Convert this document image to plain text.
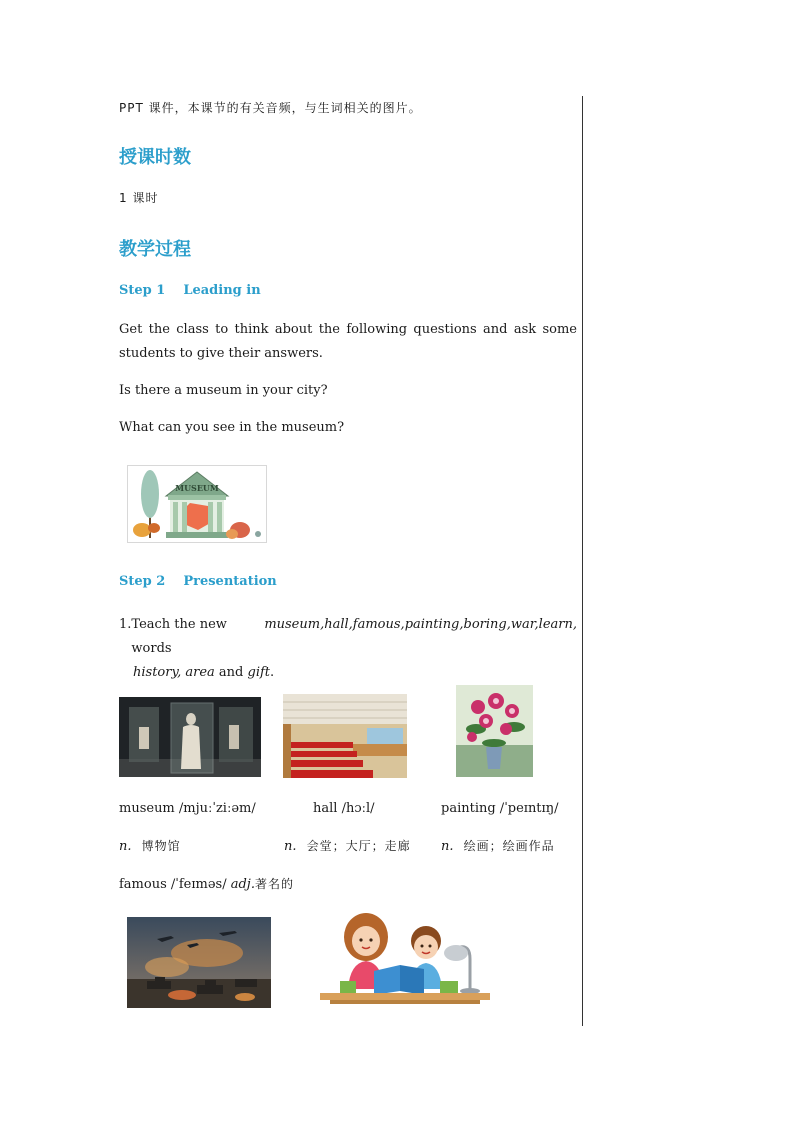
PPT 课件，本课节的有关音频，与生词相关的图片。
授课时数
1 课时
教学过程
Step 1 Leading in
Get the class to think about the following questions and ask some students to give their answers.
Is there a museum in your city?
What can you see in the museum?
MUSEUM
Step 2 Presentation
1. Teach the new words
museum, hall, famous, painting, boring, war, learn,
history, area and gift.
museum /mjuːˈziːəm/	hall /hɔːl/	painting /ˈpeɪntɪŋ/
n. 博物馆	n. 会堂；大厅；走廊 n. 绘画；绘画作品
famous /ˈfeɪməs/ adj.著名的
